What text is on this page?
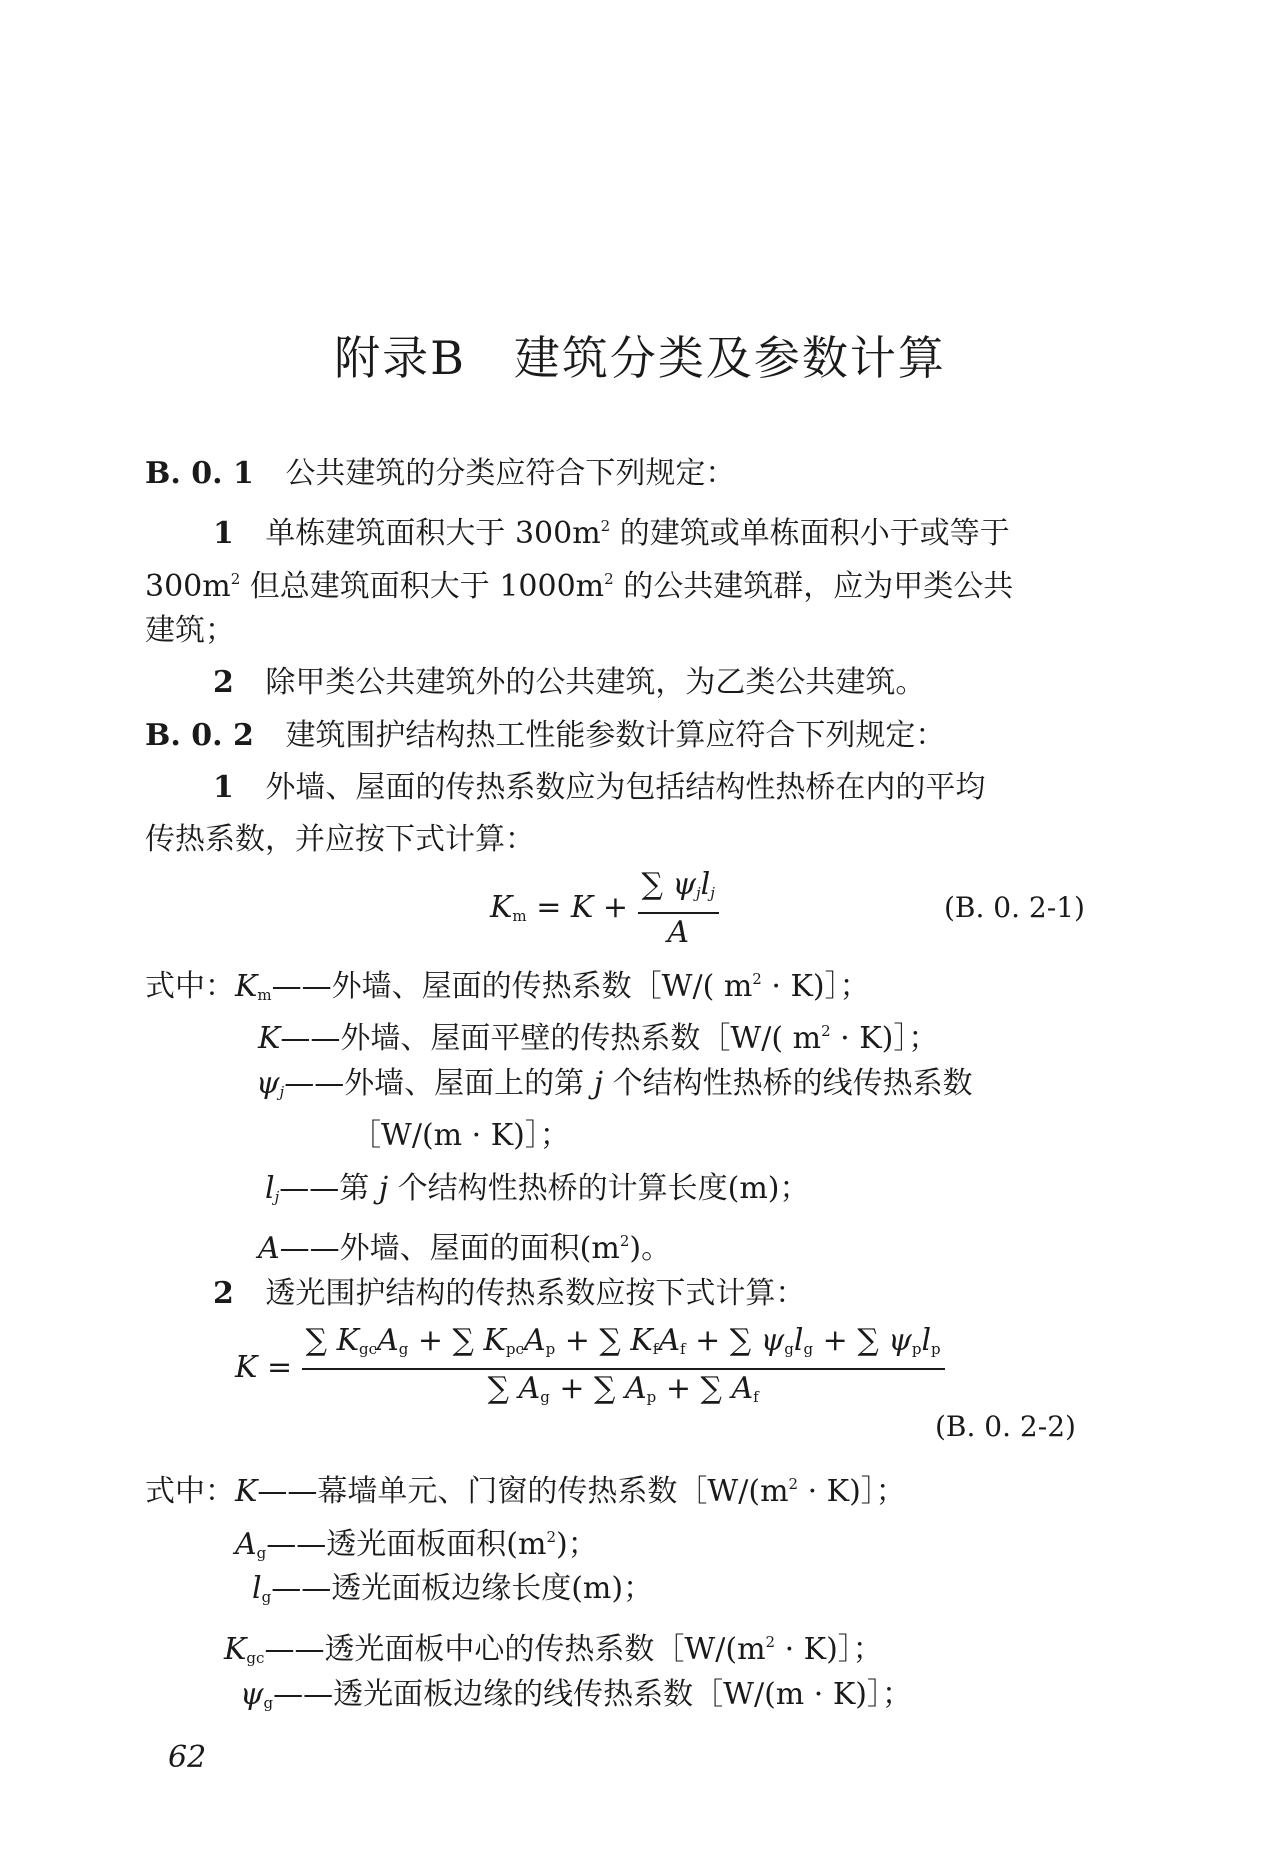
附录B　建筑分类及参数计算
B. 0. 1 公共建筑的分类应符合下列规定：
1 单栋建筑面积大于 $300m^2$ 的建筑或单栋面积小于或等于
$300m^2$ 但总建筑面积大于 $1000m^2$ 的公共建筑群，应为甲类公共
建筑；
2 除甲类公共建筑外的公共建筑，为乙类公共建筑。
B. 0. 2 建筑围护结构热工性能参数计算应符合下列规定：
1 外墙、屋面的传热系数应为包括结构性热桥在内的平均
传热系数，并应按下式计算：
$K_m = K + \frac{\sum \psi_jl_j}{A}$	(B. 0. 2-1)
式中：$K_m——$外墙、屋面的传热系数［W/( $m^2$ · K)］；
K——外墙、屋面平壁的传热系数［W/( $m^2$ · K)］；
$\psi_j——$外墙、屋面上的第 j 个结构性热桥的线传热系数
［W/(m · K)］；
$l_j——$第 j 个结构性热桥的计算长度(m)；
A——外墙、屋面的面积$(m^2)$。
2 透光围护结构的传热系数应按下式计算：
$K = \frac{\sum K_{gc}A_g + \sum K_{pc}A_p + \sum K_fA_f + \sum \psi_gl_g + \sum \psi_pl_p}{\sum A_g + \sum A_p + \sum A_f}$
(B. 0. 2-2)
式中：K——幕墙单元、门窗的传热系数$[W/(m^2$ · K)］；
$A_g——$透光面板面积$(m^2)$；
$l_g——$透光面板边缘长度(m)；
$K_{gc}——$透光面板中心的传热系数$[W/(m^2$ · K)］；
$\psi_g——$透光面板边缘的线传热系数［W/(m · K)］；
62
